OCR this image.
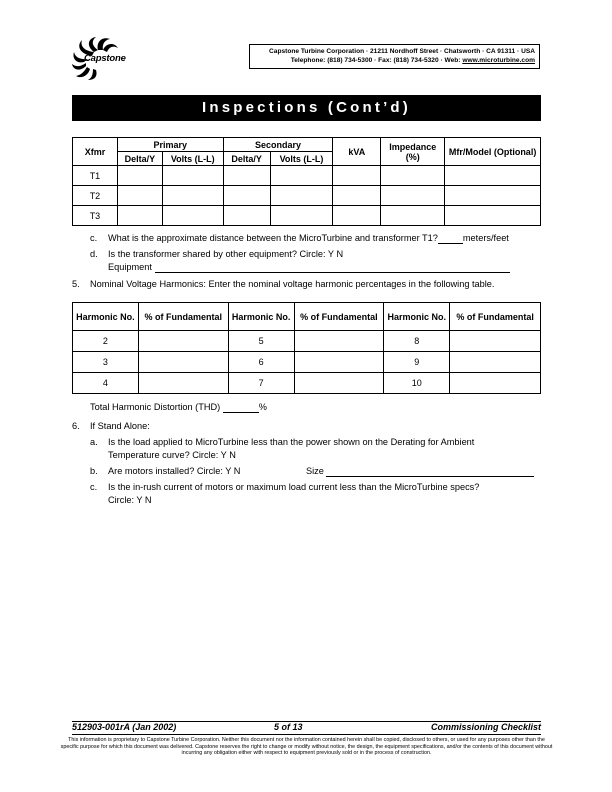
Capstone
Capstone Turbine Corporation · 21211 Nordhoff Street · Chatsworth · CA 91311 · USA
Telephone: (818) 734-5300 · Fax: (818) 734-5320 · Web: www.microturbine.com
Inspections (Cont’d)
Xfmr	Primary		Secondary		kVA	Impedance (%)	Mfr/Model (Optional)
	Delta/Y	Volts (L-L)	Delta/Y	Volts (L-L)			
T1							
T2							
T3							
c. What is the approximate distance between the MicroTurbine and transformer T1?	meters/feet
d. Is the transformer shared by other equipment? Circle: Y N
Equipment
5. Nominal Voltage Harmonics: Enter the nominal voltage harmonic percentages in the following table.
Harmonic No.	% of Fundamental	Harmonic No.	% of Fundamental	Harmonic No.	% of Fundamental
2		5		8	
3		6		9	
4		7		10	
Total Harmonic Distortion (THD)	%
6. If Stand Alone:
a. Is the load applied to MicroTurbine less than the power shown on the Derating for Ambient
Temperature curve? Circle: Y N
b. Are motors installed? Circle: Y N	Size
c. Is the in-rush current of motors or maximum load current less than the MicroTurbine specs?
Circle: Y N
512903-001rA (Jan 2002)	5 of 13	Commissioning Checklist
This information is proprietary to Capstone Turbine Corporation. Neither this document nor the information contained herein shall be copied, disclosed to others, or used for any purposes other than the specific purpose for which this document was delivered. Capstone reserves the right to change or modify without notice, the design, the equipment specifications, and/or the contents of this document without incurring any obligation either with respect to equipment previously sold or in the process of construction.
